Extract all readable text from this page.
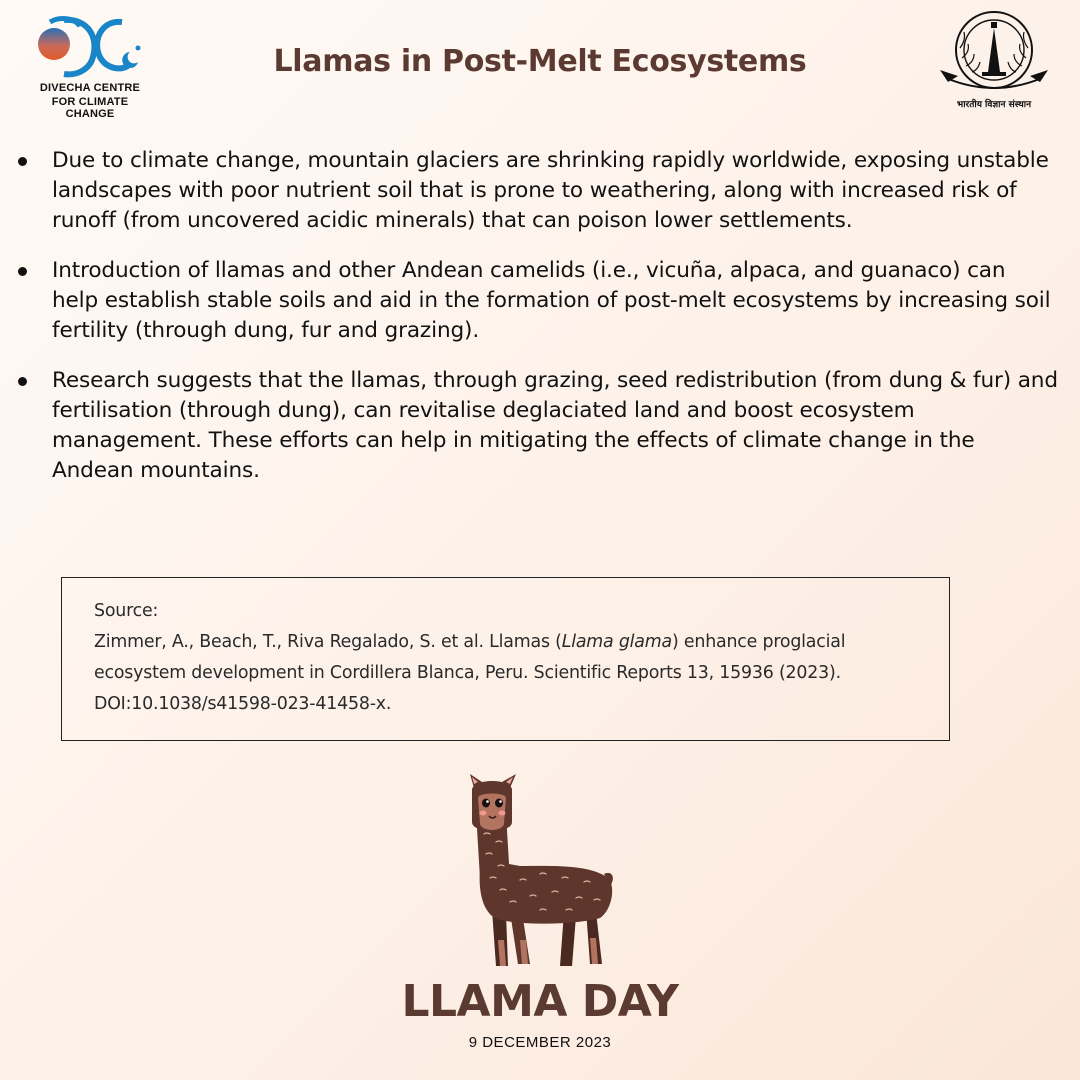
DIVECHA CENTRE
FOR CLIMATE CHANGE
Llamas in Post-Melt Ecosystems
भारतीय विज्ञान संस्थान
Due to climate change, mountain glaciers are shrinking rapidly worldwide, exposing unstable landscapes with poor nutrient soil that is prone to weathering, along with increased risk of runoff (from uncovered acidic minerals) that can poison lower settlements.
Introduction of llamas and other Andean camelids (i.e., vicuña, alpaca, and guanaco) can help establish stable soils and aid in the formation of post-melt ecosystems by increasing soil fertility (through dung, fur and grazing).
Research suggests that the llamas, through grazing, seed redistribution (from dung & fur) and fertilisation (through dung), can revitalise deglaciated land and boost ecosystem management. These efforts can help in mitigating the effects of climate change in the Andean mountains.
Source:
Zimmer, A., Beach, T., Riva Regalado, S. et al. Llamas (Llama glama) enhance proglacial ecosystem development in Cordillera Blanca, Peru. Scientific Reports 13, 15936 (2023). DOI:10.1038/s41598-023-41458-x.
LLAMA DAY
9 DECEMBER 2023
